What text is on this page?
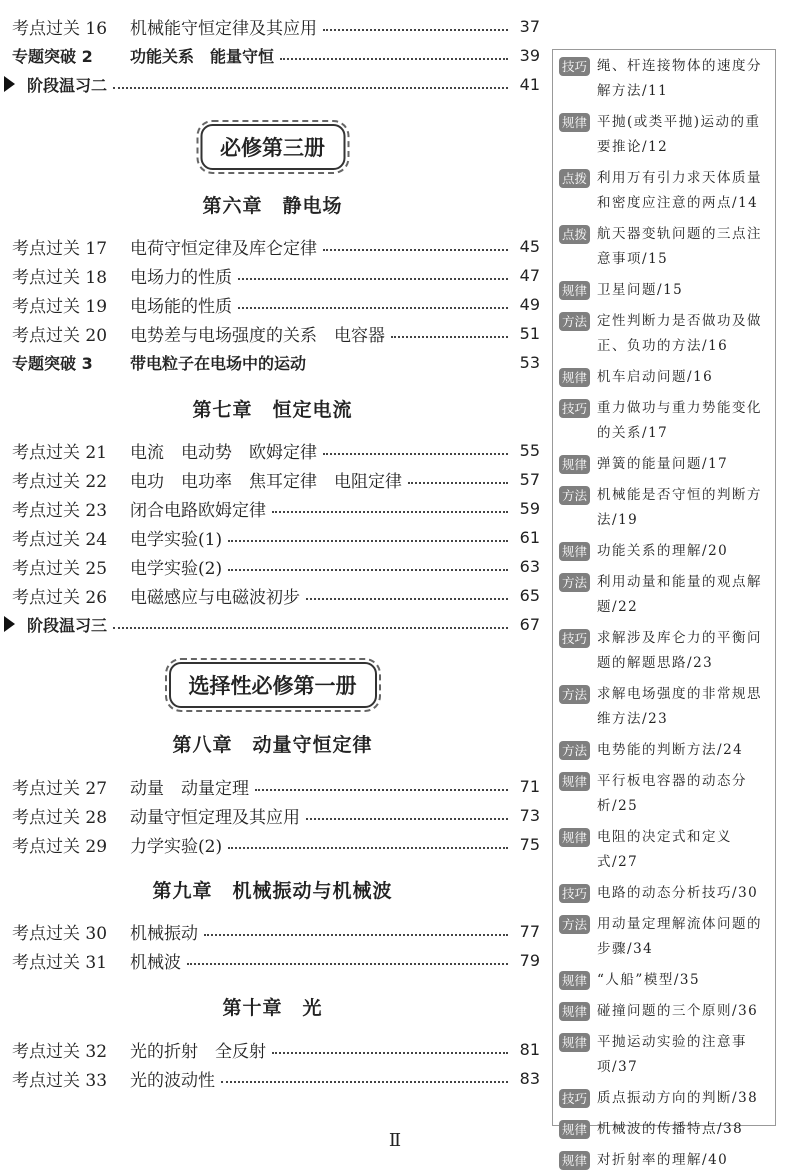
考点过关 16	机械能守恒定律及其应用	37
专题突破 2	功能关系　能量守恒	39
阶段温习二	41
必修第三册
第六章　静电场
考点过关 17	电荷守恒定律及库仑定律	45
考点过关 18	电场力的性质	47
考点过关 19	电场能的性质	49
考点过关 20	电势差与电场强度的关系　电容器	51
专题突破 3	带电粒子在电场中的运动	53
第七章　恒定电流
考点过关 21	电流　电动势　欧姆定律	55
考点过关 22	电功　电功率　焦耳定律　电阻定律	57
考点过关 23	闭合电路欧姆定律	59
考点过关 24	电学实验(1)	61
考点过关 25	电学实验(2)	63
考点过关 26	电磁感应与电磁波初步	65
阶段温习三	67
选择性必修第一册
第八章　动量守恒定律
考点过关 27	动量　动量定理	71
考点过关 28	动量守恒定理及其应用	73
考点过关 29	力学实验(2)	75
第九章　机械振动与机械波
考点过关 30	机械振动	77
考点过关 31	机械波	79
第十章　光
考点过关 32	光的折射　全反射	81
考点过关 33	光的波动性	83
技巧 绳、杆连接物体的速度分
解方法/11
规律 平抛(或类平抛)运动的重
要推论/12
点拨 利用万有引力求天体质量
和密度应注意的两点/14
点拨 航天器变轨问题的三点注
意事项/15
规律 卫星问题/15
方法 定性判断力是否做功及做
正、负功的方法/16
规律 机车启动问题/16
技巧 重力做功与重力势能变化
的关系/17
规律 弹簧的能量问题/17
方法 机械能是否守恒的判断方
法/19
规律 功能关系的理解/20
方法 利用动量和能量的观点解
题/22
技巧 求解涉及库仑力的平衡问
题的解题思路/23
方法 求解电场强度的非常规思
维方法/23
方法 电势能的判断方法/24
规律 平行板电容器的动态分
析/25
规律 电阻的决定式和定义式/27
技巧 电路的动态分析技巧/30
方法 用动量定理解流体问题的
步骤/34
规律 “人船”模型/35
规律 碰撞问题的三个原则/36
规律 平抛运动实验的注意事
项/37
技巧 质点振动方向的判断/38
规律 机械波的传播特点/38
规律 对折射率的理解/40
Ⅱ
